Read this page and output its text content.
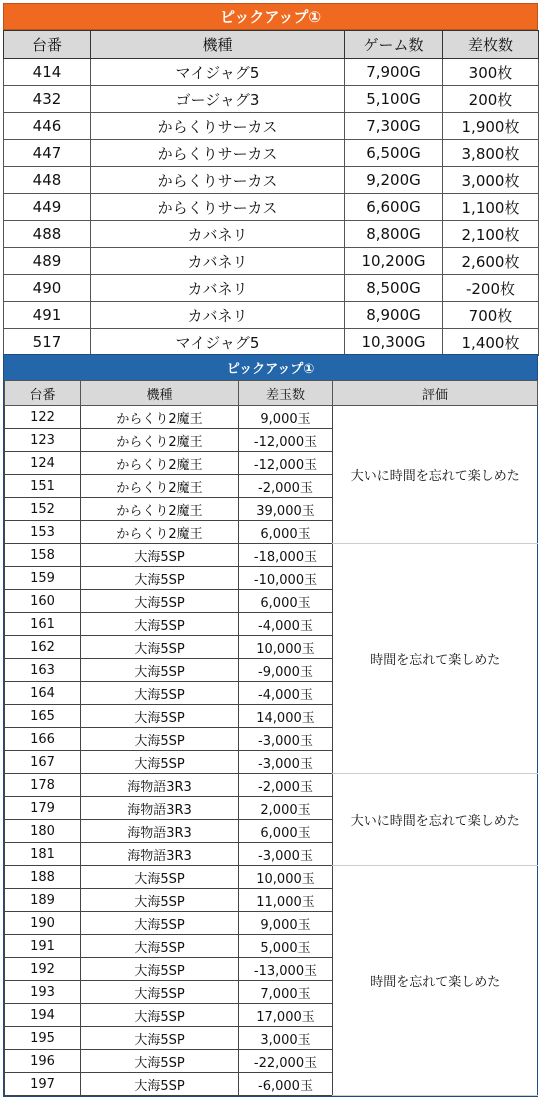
ピックアップ①
台番	機種	ゲーム数	差枚数
414	マイジャグ5	7,900G	300枚
432	ゴージャグ3	5,100G	200枚
446	からくりサーカス	7,300G	1,900枚
447	からくりサーカス	6,500G	3,800枚
448	からくりサーカス	9,200G	3,000枚
449	からくりサーカス	6,600G	1,100枚
488	カバネリ	8,800G	2,100枚
489	カバネリ	10,200G	2,600枚
490	カバネリ	8,500G	-200枚
491	カバネリ	8,900G	700枚
517	マイジャグ5	10,300G	1,400枚
ピックアップ①
台番	機種	差玉数	評価
122	からくり2魔王	9,000玉	大いに時間を忘れて楽しめた
123	からくり2魔王	-12,000玉	
124	からくり2魔王	-12,000玉	
151	からくり2魔王	-2,000玉	
152	からくり2魔王	39,000玉	
153	からくり2魔王	6,000玉	
158	大海5SP	-18,000玉	時間を忘れて楽しめた
159	大海5SP	-10,000玉	
160	大海5SP	6,000玉	
161	大海5SP	-4,000玉	
162	大海5SP	10,000玉	
163	大海5SP	-9,000玉	
164	大海5SP	-4,000玉	
165	大海5SP	14,000玉	
166	大海5SP	-3,000玉	
167	大海5SP	-3,000玉	
178	海物語3R3	-2,000玉	大いに時間を忘れて楽しめた
179	海物語3R3	2,000玉	
180	海物語3R3	6,000玉	
181	海物語3R3	-3,000玉	
188	大海5SP	10,000玉	時間を忘れて楽しめた
189	大海5SP	11,000玉	
190	大海5SP	9,000玉	
191	大海5SP	5,000玉	
192	大海5SP	-13,000玉	
193	大海5SP	7,000玉	
194	大海5SP	17,000玉	
195	大海5SP	3,000玉	
196	大海5SP	-22,000玉	
197	大海5SP	-6,000玉	
